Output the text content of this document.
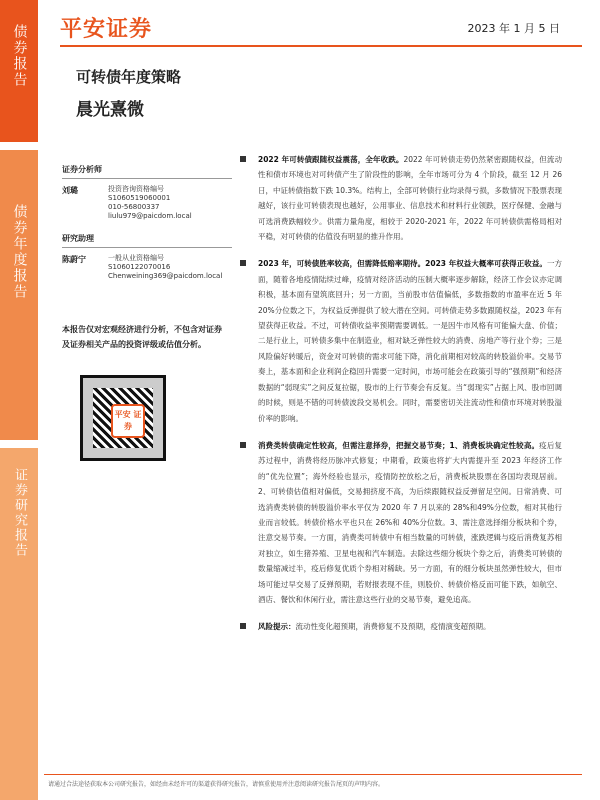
债券报告
债券年度报告
证券研究报告
平安证券	2023 年 1 月 5 日
可转债年度策略
晨光熹微
证券分析师
刘璐	投资咨询资格编号
S1060519060001
010-56800337
liulu979@paicdom.local
研究助理
陈蔚宁	一般从业资格编号
S1060122070016
Chenweining369@paicdom.local
本报告仅对宏观经济进行分析，不包含对证券及证券相关产品的投资评级或估值分析。
平安 证券
2022 年可转债跟随权益震荡，全年收跌。2022 年可转债走势仍然紧密跟随权益，但流动性和债市环境也对可转债产生了阶段性的影响，全年市场可分为 4 个阶段，截至 12 月 26 日，中证转债指数下跌 10.3%。结构上，全部可转债行业均录得亏损，多数情况下股票表现越好，该行业可转债表现也越好，公用事业、信息技术和材料行业领跌，医疗保健、金融与可选消费跌幅较少。供需力量角度，相较于 2020-2021 年，2022 年可转债供需格局相对平稳，对可转债的估值没有明显的推升作用。
2023 年，可转债胜率较高，但需降低赔率期待。2023 年权益大概率可获得正收益。一方面，随着各地疫情陆续过峰，疫情对经济活动的压制大概率逐步解除，经济工作会议亦定调积极，基本面有望筑底回升；另一方面，当前股市估值偏低，多数指数的市盈率在近 5 年 20%分位数之下，为权益反弹提供了较大潜在空间。可转债走势多数跟随权益，2023 年有望获得正收益。不过，可转债收益率预期需要调低。一是因牛市风格有可能偏大盘、价值；二是行业上，可转债多集中在制造业，相对缺乏弹性较大的消费、房地产等行业个券；三是风险偏好转暖后，资金对可转债的需求可能下降，消化前期相对较高的转股溢价率。交易节奏上，基本面和企业利润企稳回升需要一定时间，市场可能会在政策引导的“强预期”和经济数据的“弱现实”之间反复拉锯，股市的上行节奏会有反复。当“弱现实”占据上风、股市回调的时候，则是不错的可转债波段交易机会。同时，需要密切关注流动性和债市环境对转股溢价率的影响。
消费类转债确定性较高，但需注意择券，把握交易节奏；1、消费板块确定性较高。疫后复苏过程中，消费将经历脉冲式修复；中期看，政策也将扩大内需提升至 2023 年经济工作的“优先位置”；海外经验也显示，疫情防控放松之后，消费板块股票在各国均表现居前。2、可转债估值相对偏低，交易拥挤度不高，为后续跟随权益反弹留足空间。日常消费、可选消费类转债的转股溢价率水平仅为 2020 年 7 月以来的 28%和49%分位数，相对其他行业而言较低。转债价格水平也只在 26%和 40%分位数。3、需注意选择细分板块和个券，注意交易节奏。一方面，消费类可转债中有相当数量的可转债，涨跌逻辑与疫后消费复苏相对独立，如生猪养殖、卫星电视和汽车制造。去除这些细分板块个券之后，消费类可转债的数量缩减过半，疫后修复优质个券相对稀缺。另一方面，有的细分板块虽然弹性较大，但市场可能过早交易了反弹预期，若财报表现不佳，则股价、转债价格反而可能下跌，如航空、酒店、餐饮和休闲行业，需注意这些行业的交易节奏，避免追高。
风险提示：流动性变化超预期，消费修复不及预期，疫情演变超预期。
请通过合法途径获取本公司研究报告，如经由未经许可的渠道获得研究报告，请慎重使用并注意阅读研究报告尾页的声明内容。
